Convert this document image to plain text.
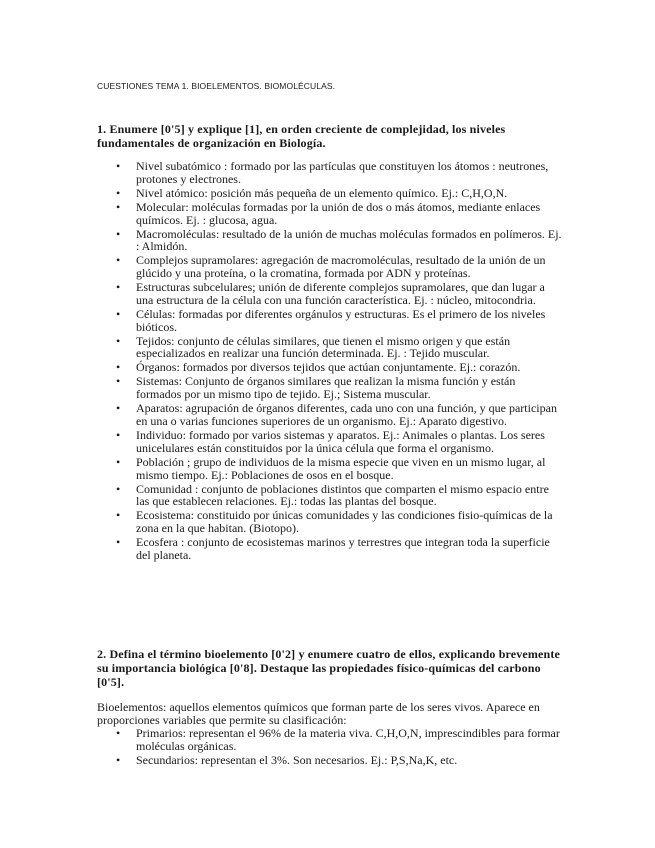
CUESTIONES TEMA 1. BIOELEMENTOS. BIOMOLÉCULAS.
1. Enumere [0'5] y explique [1], en orden creciente de complejidad, los niveles fundamentales de organización en Biología.
• Nivel subatómico : formado por las partículas que constituyen los átomos : neutrones, protones y electrones.
• Nivel atómico: posición más pequeña de un elemento químico. Ej.: C,H,O,N.
• Molecular: moléculas formadas por la unión de dos o más átomos, mediante enlaces químicos. Ej. : glucosa, agua.
• Macromoléculas: resultado de la unión de muchas moléculas formados en polímeros. Ej. : Almidón.
• Complejos supramolares: agregación de macromoléculas, resultado de la unión de un glúcido y una proteína, o la cromatina, formada por ADN y proteínas.
• Estructuras subcelulares; unión de diferente complejos supramolares, que dan lugar a una estructura de la célula con una función característica. Ej. : núcleo, mitocondria.
• Células: formadas por diferentes orgánulos y estructuras. Es el primero de los niveles bióticos.
• Tejidos: conjunto de células similares, que tienen el mismo origen y que están especializados en realizar una función determinada. Ej. : Tejido muscular.
• Órganos: formados por diversos tejidos que actúan conjuntamente. Ej.: corazón.
• Sistemas: Conjunto de órganos similares que realizan la misma función y están formados por un mismo tipo de tejido. Ej.; Sistema muscular.
• Aparatos: agrupación de órganos diferentes, cada uno con una función, y que participan en una o varias funciones superiores de un organismo. Ej.: Aparato digestivo.
• Individuo: formado por varios sistemas y aparatos. Ej.: Animales o plantas. Los seres unicelulares están constituidos por la única célula que forma el organismo.
• Población ; grupo de individuos de la misma especie que viven en un mismo lugar, al mismo tiempo. Ej.: Poblaciones de osos en el bosque.
• Comunidad : conjunto de poblaciones distintos que comparten el mismo espacio entre las que establecen relaciones. Ej.: todas las plantas del bosque.
• Ecosistema: constituido por únicas comunidades y las condiciones fisio-químicas de la zona en la que habitan. (Biotopo).
• Ecosfera : conjunto de ecosistemas marinos y terrestres que integran toda la superficie del planeta.
2. Defina el término bioelemento [0'2] y enumere cuatro de ellos, explicando brevemente su importancia biológica [0'8]. Destaque las propiedades físico-químicas del carbono [0'5].
Bioelementos: aquellos elementos químicos que forman parte de los seres vivos. Aparece en proporciones variables que permite su clasificación:
• Primarios: representan el 96% de la materia viva. C,H,O,N, imprescindibles para formar moléculas orgánicas.
• Secundarios: representan el 3%. Son necesarios. Ej.: P,S,Na,K, etc.
